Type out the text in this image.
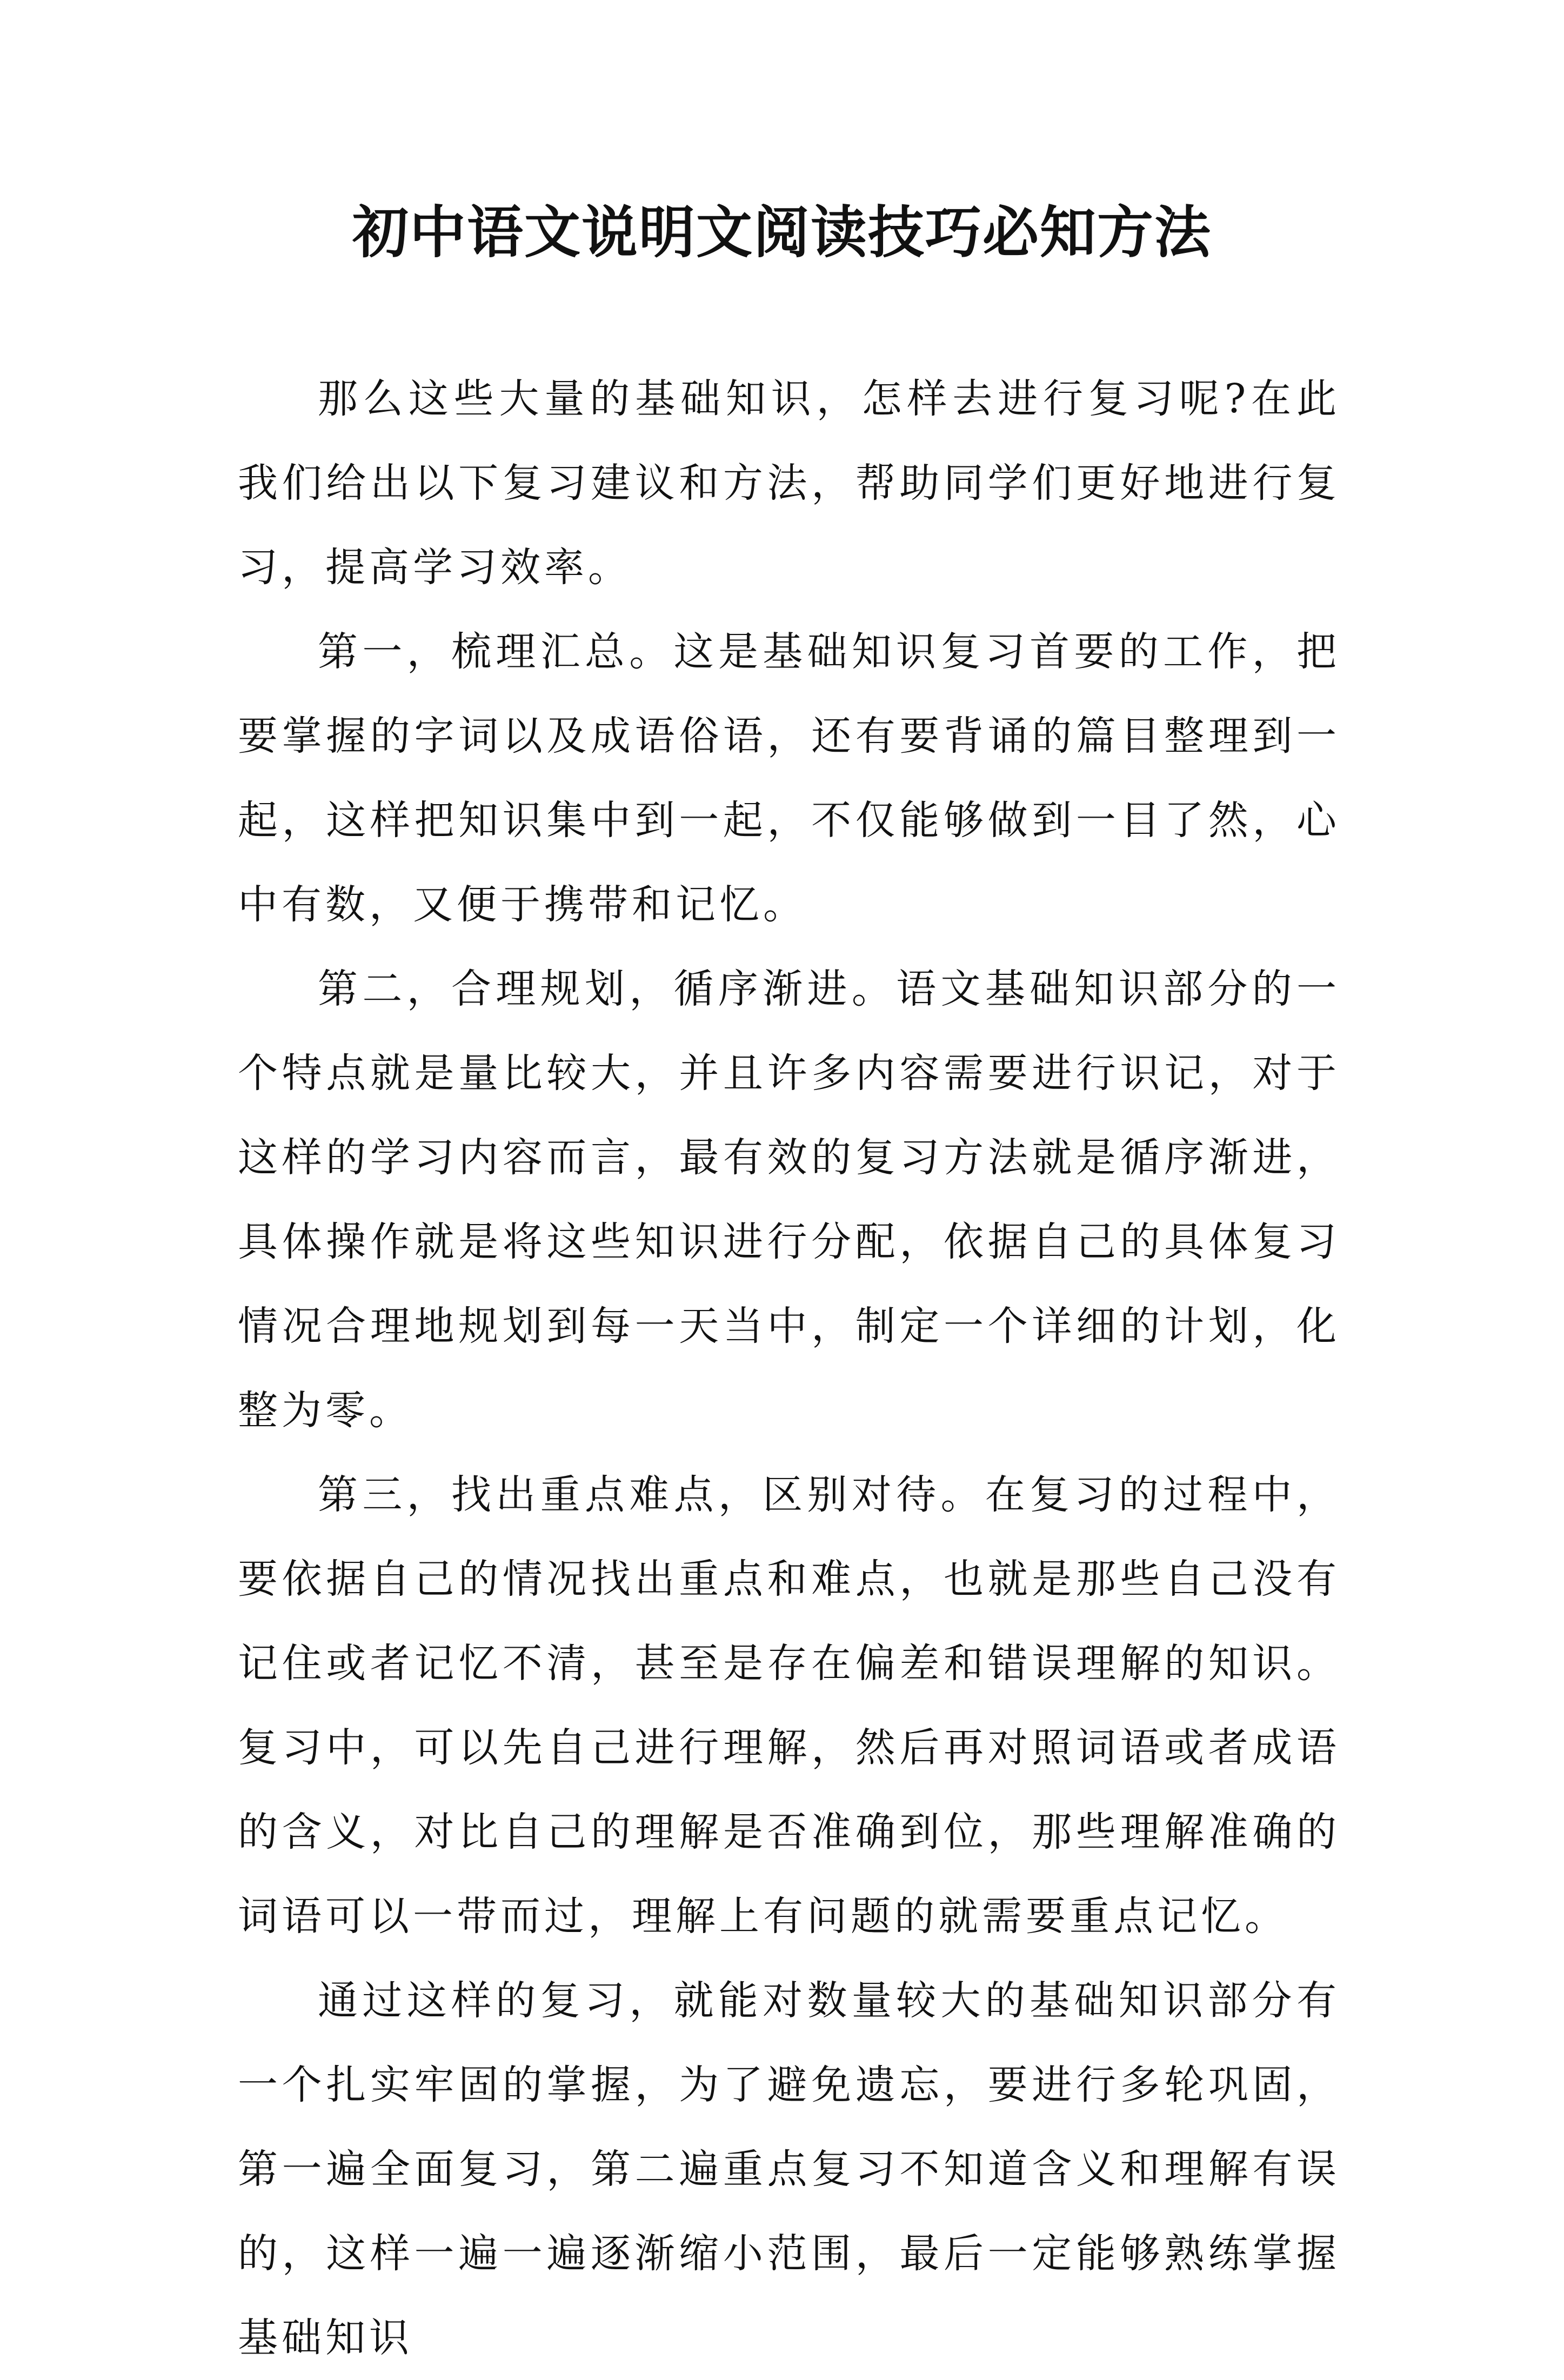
初中语文说明文阅读技巧必知方法

那么这些大量的基础知识，怎样去进行复习呢?在此我们给出以下复习建议和方法，帮助同学们更好地进行复习，提高学习效率。

第一，梳理汇总。这是基础知识复习首要的工作，把要掌握的字词以及成语俗语，还有要背诵的篇目整理到一起，这样把知识集中到一起，不仅能够做到一目了然，心中有数，又便于携带和记忆。

第二，合理规划，循序渐进。语文基础知识部分的一个特点就是量比较大，并且许多内容需要进行识记，对于这样的学习内容而言，最有效的复习方法就是循序渐进，具体操作就是将这些知识进行分配，依据自己的具体复习情况合理地规划到每一天当中，制定一个详细的计划，化整为零。

第三，找出重点难点，区别对待。在复习的过程中，要依据自己的情况找出重点和难点，也就是那些自己没有记住或者记忆不清，甚至是存在偏差和错误理解的知识。复习中，可以先自己进行理解，然后再对照词语或者成语的含义，对比自己的理解是否准确到位，那些理解准确的词语可以一带而过，理解上有问题的就需要重点记忆。

通过这样的复习，就能对数量较大的基础知识部分有一个扎实牢固的掌握，为了避免遗忘，要进行多轮巩固，第一遍全面复习，第二遍重点复习不知道含义和理解有误的，这样一遍一遍逐渐缩小范围，最后一定能够熟练掌握基础知识
